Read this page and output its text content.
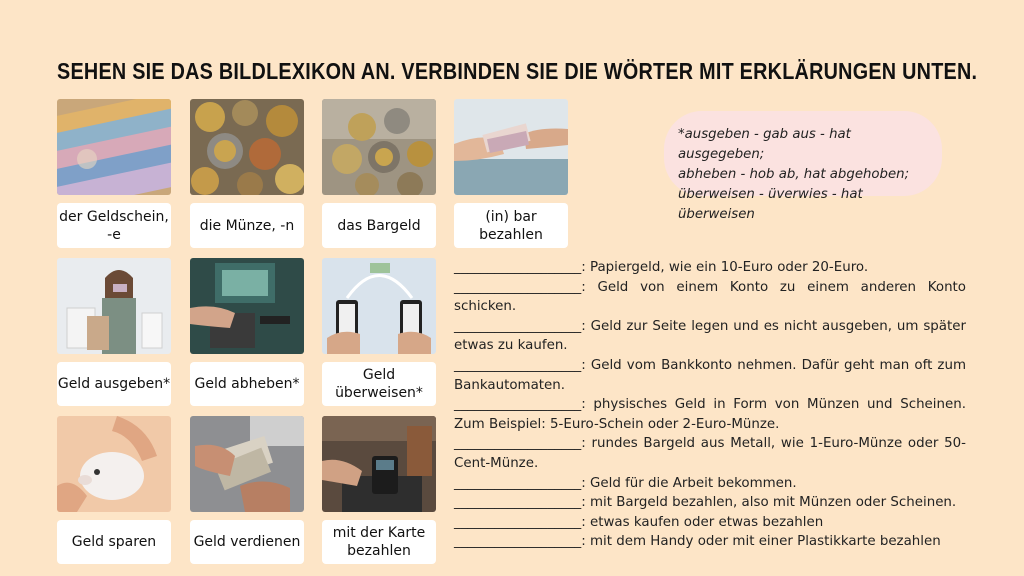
SEHEN SIE DAS BILDLEXIKON AN. VERBINDEN SIE DIE WÖRTER MIT ERKLÄRUNGEN UNTEN.
der Geldschein, -e
die Münze, -n	das Bargeld
(in) bar bezahlen
Geld ausgeben*	Geld abheben*
Geld überweisen*
Geld sparen	Geld verdienen
mit der Karte bezahlen
*ausgeben - gab aus - hat ausgegeben;
abheben - hob ab, hat abgehoben;
überweisen - üverwies - hat überweisen
___________________: Papiergeld, wie ein 10-Euro oder 20-Euro.
___________________: Geld von einem Konto zu einem anderen Konto schicken.
___________________: Geld zur Seite legen und es nicht ausgeben, um später etwas zu kaufen.
___________________: Geld vom Bankkonto nehmen. Dafür geht man oft zum Bankautomaten.
___________________: physisches Geld in Form von Münzen und Scheinen. Zum Beispiel: 5-Euro-Schein oder 2-Euro-Münze.
___________________: rundes Bargeld aus Metall, wie 1-Euro-Münze oder 50-Cent-Münze.
___________________: Geld für die Arbeit bekommen.
___________________: mit Bargeld bezahlen, also mit Münzen oder Scheinen.
___________________: etwas kaufen oder etwas bezahlen
___________________: mit dem Handy oder mit einer Plastikkarte bezahlen
